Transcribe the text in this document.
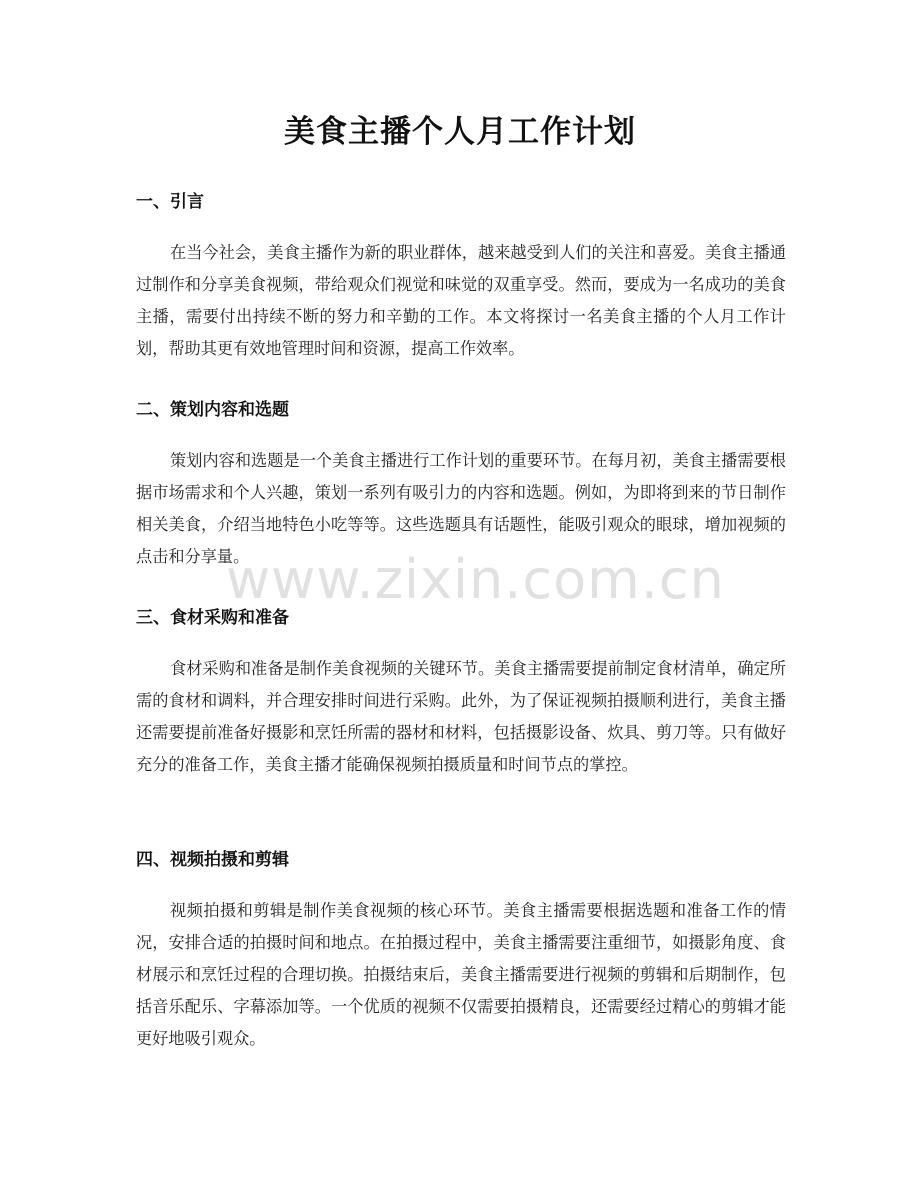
美食主播个人月工作计划
一、引言

在当今社会，美食主播作为新的职业群体，越来越受到人们的关注和喜爱。美食主播通过制作和分享美食视频，带给观众们视觉和味觉的双重享受。然而，要成为一名成功的美食主播，需要付出持续不断的努力和辛勤的工作。本文将探讨一名美食主播的个人月工作计划，帮助其更有效地管理时间和资源，提高工作效率。

二、策划内容和选题

策划内容和选题是一个美食主播进行工作计划的重要环节。在每月初，美食主播需要根据市场需求和个人兴趣，策划一系列有吸引力的内容和选题。例如，为即将到来的节日制作相关美食，介绍当地特色小吃等等。这些选题具有话题性，能吸引观众的眼球，增加视频的点击和分享量。

三、食材采购和准备

食材采购和准备是制作美食视频的关键环节。美食主播需要提前制定食材清单，确定所需的食材和调料，并合理安排时间进行采购。此外，为了保证视频拍摄顺利进行，美食主播还需要提前准备好摄影和烹饪所需的器材和材料，包括摄影设备、炊具、剪刀等。只有做好充分的准备工作，美食主播才能确保视频拍摄质量和时间节点的掌控。

四、视频拍摄和剪辑

视频拍摄和剪辑是制作美食视频的核心环节。美食主播需要根据选题和准备工作的情况，安排合适的拍摄时间和地点。在拍摄过程中，美食主播需要注重细节，如摄影角度、食材展示和烹饪过程的合理切换。拍摄结束后，美食主播需要进行视频的剪辑和后期制作，包括音乐配乐、字幕添加等。一个优质的视频不仅需要拍摄精良，还需要经过精心的剪辑才能更好地吸引观众。

www.zixin.com.cn
